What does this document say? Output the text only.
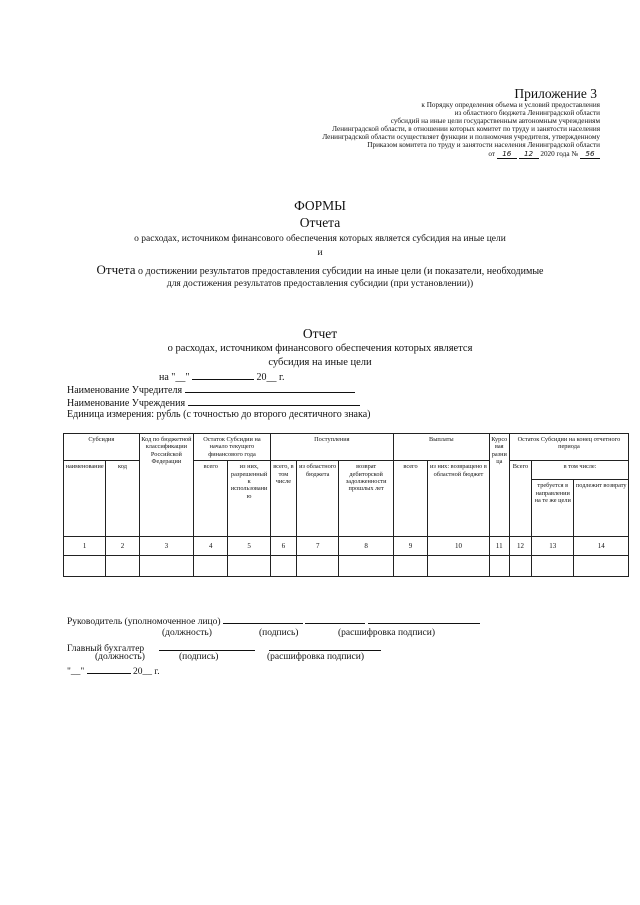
Приложение 3
к Порядку определения объема и условий предоставления
из областного бюджета Ленинградской области
субсидий на иные цели государственным автономным учреждениям
Ленинградской области, в отношении которых комитет по труду и занятости населения
Ленинградской области осуществляет функции и полномочия учредителя, утвержденному
Приказом комитета по труду и занятости населения Ленинградской области
от 16 12 2020 года № 56
ФОРМЫ
Отчета
о расходах, источником финансового обеспечения которых является субсидия на иные цели
и
Отчета о достижении результатов предоставления субсидии на иные цели (и показатели, необходимые
для достижения результатов предоставления субсидии (при установлении))
Отчет
о расходах, источником финансового обеспечения которых является
субсидия на иные цели
на "__"	20__ г.
Наименование Учредителя
Наименование Учреждения
Единица измерения: рубль (с точностью до второго десятичного знака)
Субсидия		Код по бюджетной классификации Российской Федерации	Остаток Субсидии на начало текущего финансового года		Поступления			Выплаты		Курсовая разница	Остаток Субсидии на конец отчетного периода		
наименование	код		всего	из них, разрешенный к использованию	всего, в том числе	из областного бюджета	возврат дебиторской задолженности прошлых лет	всего	из них: возвращено в областной бюджет		Всего	в том числе:	
												требуется в направлении на те же цели	подлежит возврату
1	2	3	4	5	6	7	8	9	10	11	12	13	14

Руководитель (уполномоченное лицо)
(должность)	(подпись)	(расшифровка подписи)
Главный бухгалтер
(должность)	(подпись)	(расшифровка подписи)
"__"	20__ г.
